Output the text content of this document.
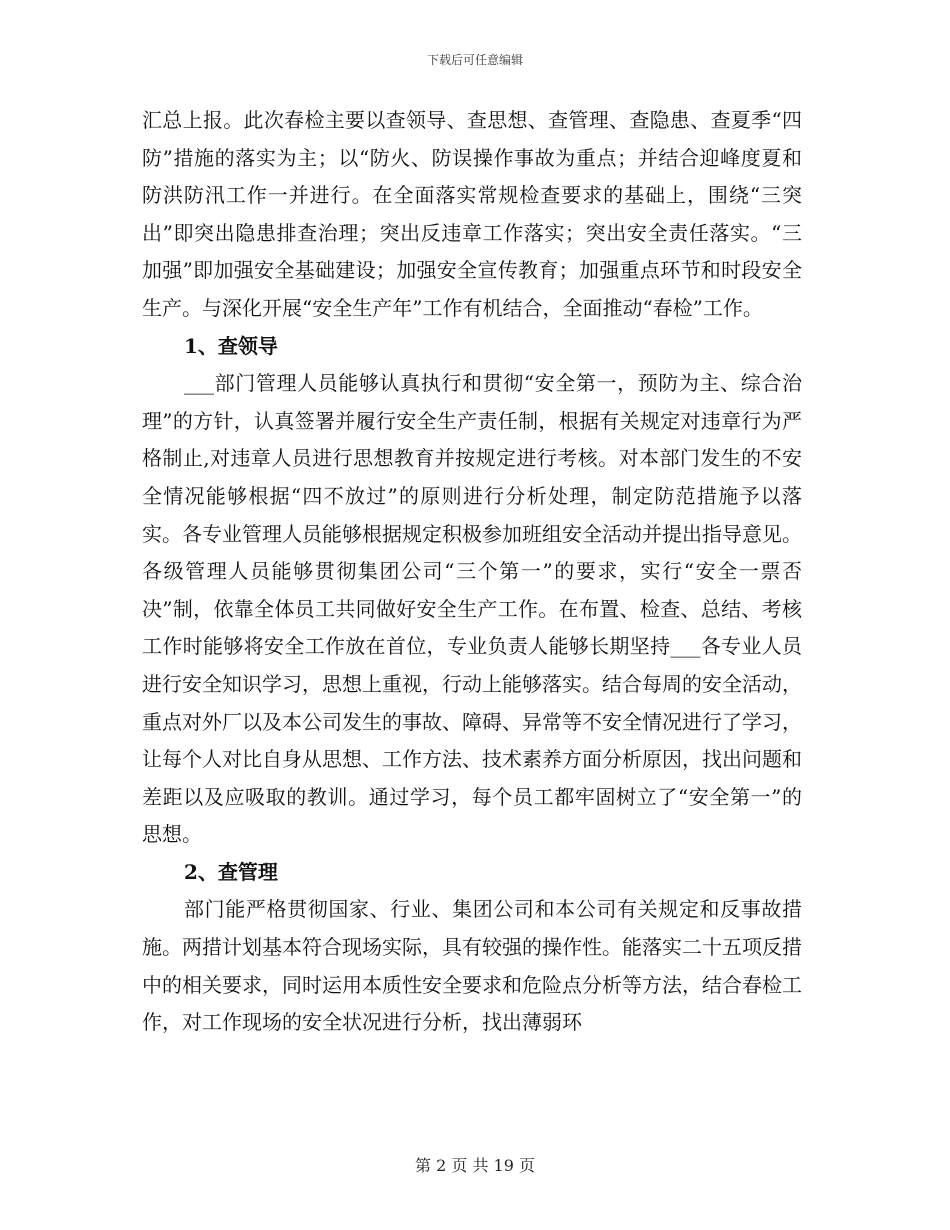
下载后可任意编辑

汇总上报。此次春检主要以查领导、查思想、查管理、查隐患、查夏季“四防”措施的落实为主；以“防火、防误操作事故为重点；并结合迎峰度夏和防洪防汛工作一并进行。在全面落实常规检查要求的基础上，围绕“三突出”即突出隐患排查治理；突出反违章工作落实；突出安全责任落实。“三加强”即加强安全基础建设；加强安全宣传教育；加强重点环节和时段安全生产。与深化开展“安全生产年”工作有机结合，全面推动“春检”工作。

1、查领导

___部门管理人员能够认真执行和贯彻“安全第一，预防为主、综合治理”的方针，认真签署并履行安全生产责任制，根据有关规定对违章行为严格制止,对违章人员进行思想教育并按规定进行考核。对本部门发生的不安全情况能够根据“四不放过”的原则进行分析处理，制定防范措施予以落实。各专业管理人员能够根据规定积极参加班组安全活动并提出指导意见。各级管理人员能够贯彻集团公司“三个第一”的要求，实行“安全一票否决”制，依靠全体员工共同做好安全生产工作。在布置、检查、总结、考核工作时能够将安全工作放在首位，专业负责人能够长期坚持___各专业人员进行安全知识学习，思想上重视，行动上能够落实。结合每周的安全活动，重点对外厂以及本公司发生的事故、障碍、异常等不安全情况进行了学习，让每个人对比自身从思想、工作方法、技术素养方面分析原因，找出问题和差距以及应吸取的教训。通过学习，每个员工都牢固树立了“安全第一”的思想。

2、查管理

部门能严格贯彻国家、行业、集团公司和本公司有关规定和反事故措施。两措计划基本符合现场实际，具有较强的操作性。能落实二十五项反措中的相关要求，同时运用本质性安全要求和危险点分析等方法，结合春检工作，对工作现场的安全状况进行分析，找出薄弱环

第 2 页 共 19 页
